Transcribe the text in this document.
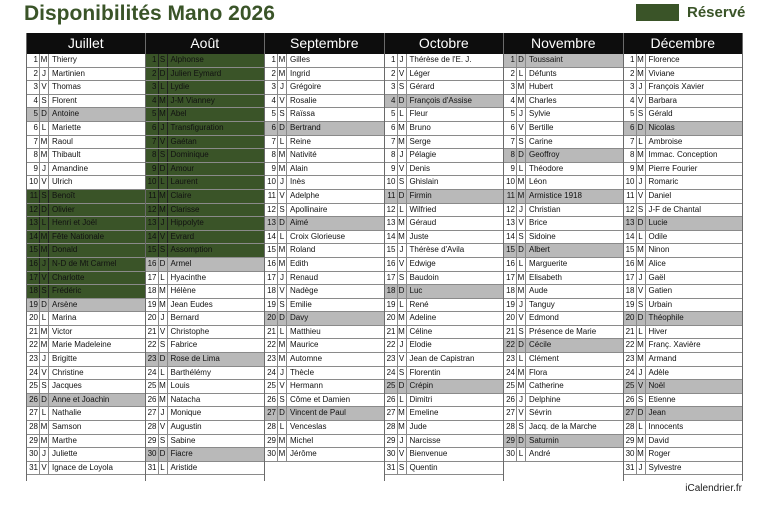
Disponibilités Mano 2026	Réservé
Juillet
1 M Thierry
2 J Martinien
3 V Thomas
4 S Florent
5 D Antoine
6 L Mariette
7 M Raoul
8 M Thibault
9 J Amandine
10 V Ulrich
11 S Benoît
12 D Olivier
13 L Henri et Joël
14 M Fête Nationale
15 M Donald
16 J N-D de Mt Carmel
17 V Charlotte
18 S Frédéric
19 D Arsène
20 L Marina
21 M Victor
22 M Marie Madeleine
23 J Brigitte
24 V Christine
25 S Jacques
26 D Anne et Joachin
27 L Nathalie
28 M Samson
29 M Marthe
30 J Juliette
31 V Ignace de Loyola
Août
1 S Alphonse
2 D Julien Eymard
3 L Lydie
4 M J-M Vianney
5 M Abel
6 J Transfiguration
7 V Gaétan
8 S Dominique
9 D Amour
10 L Laurent
11 M Claire
12 M Clarisse
13 J Hippolyte
14 V Evrard
15 S Assomption
16 D Armel
17 L Hyacinthe
18 M Hélène
19 M Jean Eudes
20 J Bernard
21 V Christophe
22 S Fabrice
23 D Rose de Lima
24 L Barthélémy
25 M Louis
26 M Natacha
27 J Monique
28 V Augustin
29 S Sabine
30 D Fiacre
31 L Aristide
Septembre
1 M Gilles
2 M Ingrid
3 J Grégoire
4 V Rosalie
5 S Raïssa
6 D Bertrand
7 L Reine
8 M Nativité
9 M Alain
10 J Inès
11 V Adelphe
12 S Apollinaire
13 D Aimé
14 L Croix Glorieuse
15 M Roland
16 M Edith
17 J Renaud
18 V Nadège
19 S Emilie
20 D Davy
21 L Matthieu
22 M Maurice
23 M Automne
24 J Thècle
25 V Hermann
26 S Côme et Damien
27 D Vincent de Paul
28 L Venceslas
29 M Michel
30 M Jérôme
Octobre
1 J Thérèse de l'E. J.
2 V Léger
3 S Gérard
4 D François d'Assise
5 L Fleur
6 M Bruno
7 M Serge
8 J Pélagie
9 V Denis
10 S Ghislain
11 D Firmin
12 L Wilfried
13 M Géraud
14 M Juste
15 J Thérèse d'Avila
16 V Edwige
17 S Baudoin
18 D Luc
19 L René
20 M Adeline
21 M Céline
22 J Elodie
23 V Jean de Capistran
24 S Florentin
25 D Crépin
26 L Dimitri
27 M Emeline
28 M Jude
29 J Narcisse
30 V Bienvenue
31 S Quentin
Novembre
1 D Toussaint
2 L Défunts
3 M Hubert
4 M Charles
5 J Sylvie
6 V Bertille
7 S Carine
8 D Geoffroy
9 L Théodore
10 M Léon
11 M Armistice 1918
12 J Christian
13 V Brice
14 S Sidoine
15 D Albert
16 L Marguerite
17 M Elisabeth
18 M Aude
19 J Tanguy
20 V Edmond
21 S Présence de Marie
22 D Cécile
23 L Clément
24 M Flora
25 M Catherine
26 J Delphine
27 V Sévrin
28 S Jacq. de la Marche
29 D Saturnin
30 L André
Décembre
1 M Florence
2 M Viviane
3 J François Xavier
4 V Barbara
5 S Gérald
6 D Nicolas
7 L Ambroise
8 M Immac. Conception
9 M Pierre Fourier
10 J Romaric
11 V Daniel
12 S J-F de Chantal
13 D Lucie
14 L Odile
15 M Ninon
16 M Alice
17 J Gaël
18 V Gatien
19 S Urbain
20 D Théophile
21 L Hiver
22 M Franç. Xavière
23 M Armand
24 J Adèle
25 V Noël
26 S Etienne
27 D Jean
28 L Innocents
29 M David
30 M Roger
31 J Sylvestre
iCalendrier.fr
